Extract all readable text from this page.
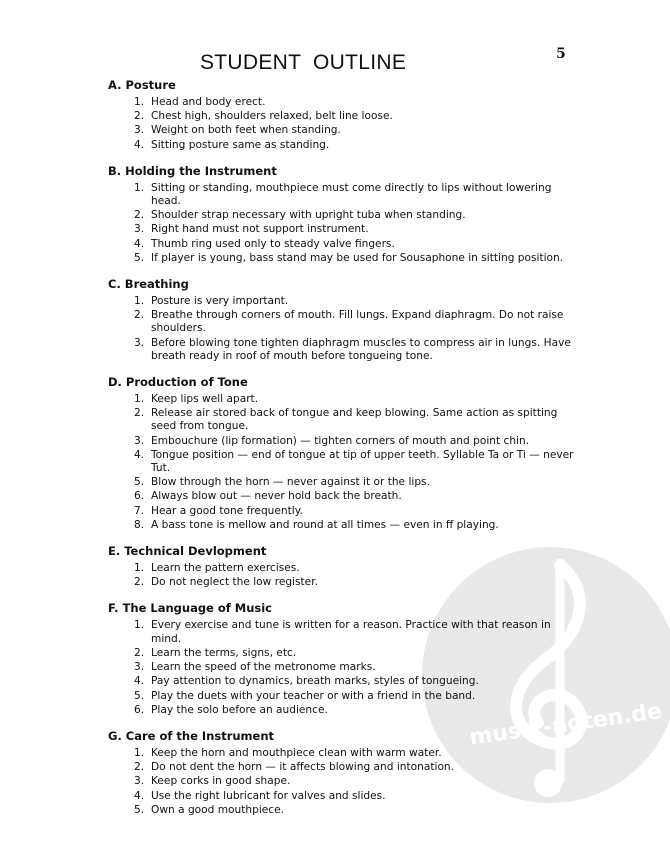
musik-noten.de
5
STUDENT OUTLINE
A. Posture
1. Head and body erect.
2. Chest high, shoulders relaxed, belt line loose.
3. Weight on both feet when standing.
4. Sitting posture same as standing.
B. Holding the Instrument
1. Sitting or standing, mouthpiece must come directly to lips without lowering head.
2. Shoulder strap necessary with upright tuba when standing.
3. Right hand must not support instrument.
4. Thumb ring used only to steady valve fingers.
5. If player is young, bass stand may be used for Sousaphone in sitting position.
C. Breathing
1. Posture is very important.
2. Breathe through corners of mouth. Fill lungs. Expand diaphragm. Do not raise shoulders.
3. Before blowing tone tighten diaphragm muscles to compress air in lungs. Have breath ready in roof of mouth before tongueing tone.
D. Production of Tone
1. Keep lips well apart.
2. Release air stored back of tongue and keep blowing. Same action as spitting seed from tongue.
3. Embouchure (lip formation) — tighten corners of mouth and point chin.
4. Tongue position — end of tongue at tip of upper teeth. Syllable Ta or Ti — never Tut.
5. Blow through the horn — never against it or the lips.
6. Always blow out — never hold back the breath.
7. Hear a good tone frequently.
8. A bass tone is mellow and round at all times — even in ff playing.
E. Technical Devlopment
1. Learn the pattern exercises.
2. Do not neglect the low register.
F. The Language of Music
1. Every exercise and tune is written for a reason. Practice with that reason in mind.
2. Learn the terms, signs, etc.
3. Learn the speed of the metronome marks.
4. Pay attention to dynamics, breath marks, styles of tongueing.
5. Play the duets with your teacher or with a friend in the band.
6. Play the solo before an audience.
G. Care of the Instrument
1. Keep the horn and mouthpiece clean with warm water.
2. Do not dent the horn — it affects blowing and intonation.
3. Keep corks in good shape.
4. Use the right lubricant for valves and slides.
5. Own a good mouthpiece.
